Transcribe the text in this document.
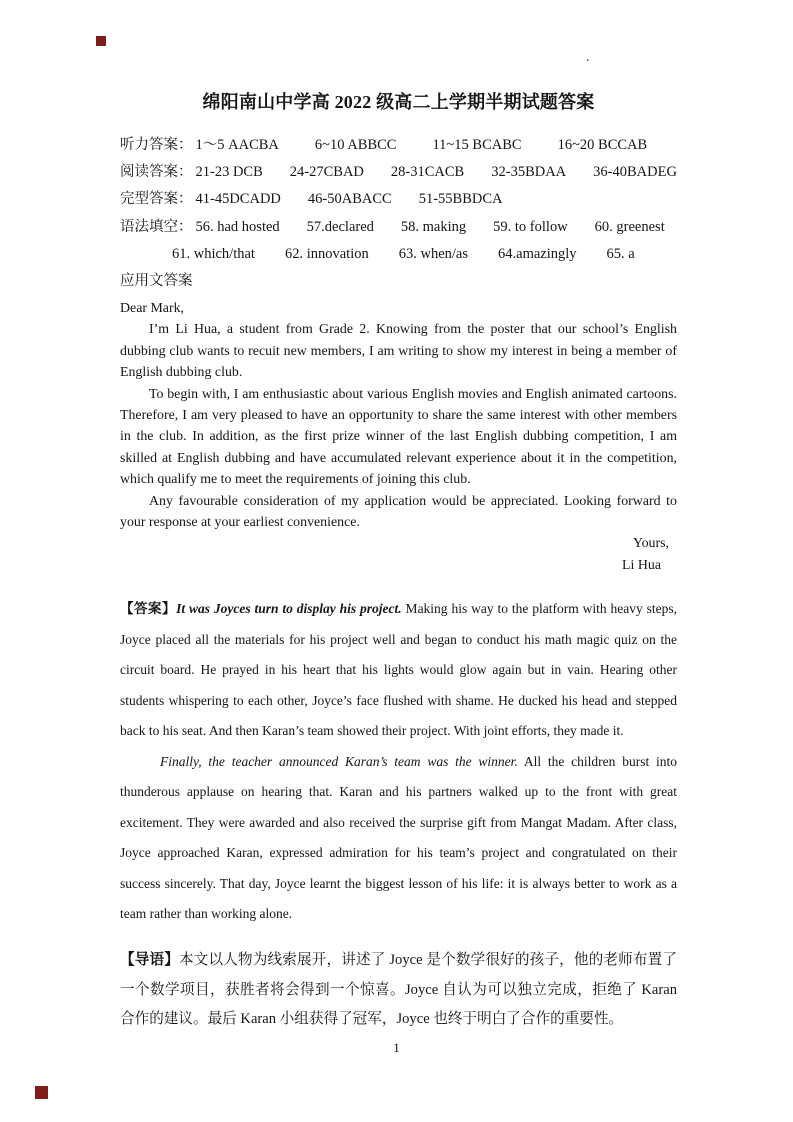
.
绵阳南山中学高 2022 级高二上学期半期试题答案
听力答案： 1～5 AACBA 6~10 ABBCC 11~15 BCABC 16~20 BCCAB
阅读答案： 21-23 DCB 24-27CBAD 28-31CACB 32-35BDAA 36-40BADEG
完型答案： 41-45DCADD 46-50ABACC 51-55BBDCA
语法填空： 56. had hosted 57.declared 58. making 59. to follow 60. greenest
61. which/that 62. innovation 63. when/as 64.amazingly 65. a
应用文答案

Dear Mark,

I’m Li Hua, a student from Grade 2. Knowing from the poster that our school’s English dubbing club wants to recuit new members, I am writing to show my interest in being a member of English dubbing club.

To begin with, I am enthusiastic about various English movies and English animated cartoons. Therefore, I am very pleased to have an opportunity to share the same interest with other members in the club. In addition, as the first prize winner of the last English dubbing competition, I am skilled at English dubbing and have accumulated relevant experience about it in the competition, which qualify me to meet the requirements of joining this club.

Any favourable consideration of my application would be appreciated. Looking forward to your response at your earliest convenience.

Yours,

Li Hua

【答案】It was Joyces turn to display his project. Making his way to the platform with heavy steps, Joyce placed all the materials for his project well and began to conduct his math magic quiz on the circuit board. He prayed in his heart that his lights would glow again but in vain. Hearing other students whispering to each other, Joyce’s face flushed with shame. He ducked his head and stepped back to his seat. And then Karan’s team showed their project. With joint efforts, they made it.

Finally, the teacher announced Karan’s team was the winner. All the children burst into thunderous applause on hearing that. Karan and his partners walked up to the front with great excitement. They were awarded and also received the surprise gift from Mangat Madam. After class, Joyce approached Karan, expressed admiration for his team’s project and congratulated on their success sincerely. That day, Joyce learnt the biggest lesson of his life: it is always better to work as a team rather than working alone.

【导语】本文以人物为线索展开，讲述了 Joyce 是个数学很好的孩子，他的老师布置了一个数学项目，获胜者将会得到一个惊喜。Joyce 自认为可以独立完成，拒绝了 Karan 合作的建议。最后 Karan 小组获得了冠军，Joyce 也终于明白了合作的重要性。

1
